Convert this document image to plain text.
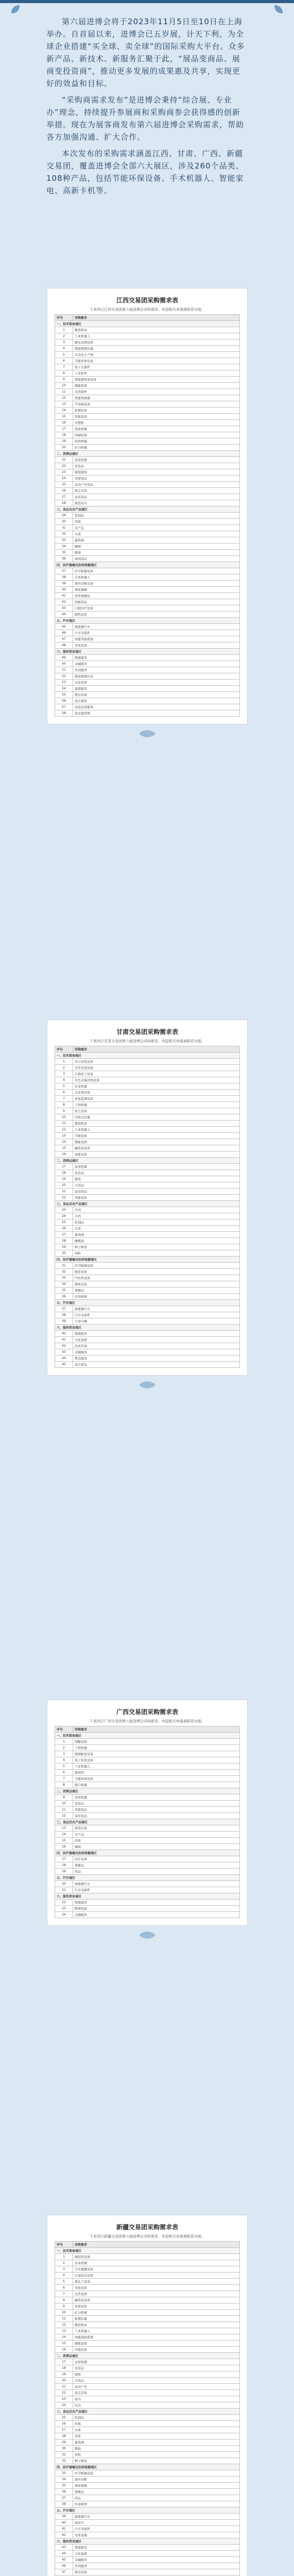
第六届进博会将于2023年11月5日至10日在上海举办。自首届以来，进博会已五岁展，计天下利，为全球企业搭建“买全球、卖全球”的国际采购大平台。众多新产品、新技术、新服务汇聚于此，“展品变商品、展商变投资商”，推动更多发展的成果惠及共享，实现更好的效益和目标。

“采购商需求发布”是进博会秉持“综合展、专业办”理念，持续提升参展商和采购商参会获得感的创新举措。现在为展客商发布第六届进博会采购需求，帮助各方加强沟通、扩大合作。

本次发布的采购需求涵盖江西、甘肃、广西、新疆交易团，覆盖进博会全部六大展区，涉及260个品类、108种产品，包括节能环保设备、手术机器人、智能家电、高新卡机等。

江西交易团采购需求表

下表列示江西交易团第六届进博会采购需求，欢迎相关参展商联系对接。

序号	采购需求
一、技术装备展区	
1	数控机床
2	工业机器人
3	激光切割设备
4	精密测量仪器
5	自动化生产线
6	节能环保设备
7	电子元器件
8	工业软件
9	新能源电池设备
10	储能系统
11	光伏组件
12	智能传感器
13	半导体设备
14	检测设备
15	焊接设备
16	注塑机
17	包装机械
18	印刷设备
19	纺织机械
20	矿山机械
二、消费品展区	
21	家用电器
22	化妆品
23	服装服饰
24	母婴用品
25	运动户外用品
26	珠宝首饰
27	家居用品
28	箱包皮具
三、食品及农产品展区	
29	乳制品
30	肉类
31	水产品
32	水果
33	葡萄酒
34	咖啡
35	粮油
36	休闲食品
四、医疗器械及医药保健展区	
37	医学影像设备
38	手术机器人
39	体外诊断设备
40	康复器械
41	营养保健品
42	创新药品
43	口腔医疗设备
44	眼科设备
五、汽车展区	
45	新能源汽车
46	汽车零部件
47	智能驾驶系统
48	充电设备
六、服务贸易展区	
49	物流服务
50	金融服务
51	咨询服务
52	检验检测认证
53	文化创意
54	旅游服务
55	教育培训
56	设计服务
57	信息技术服务
58	供应链管理
甘肃交易团采购需求表

下表列示甘肃交易团第六届进博会采购需求，欢迎相关参展商联系对接。

序号	采购需求
一、技术装备展区	
1	风力发电设备
2	光伏发电设备
3	石油化工设备
4	有色金属冶炼设备
5	农业机械
6	水处理设备
7	环保监测设备
8	工程机械
9	电力设备
10	实验室仪器
11	数控机床
12	工业机器人
13	节能设备
14	储能设备
15	输变电设备
16	氢能设备
二、消费品展区	
17	家用电器
18	化妆品
19	服装
20	日用品
21	运动用品
22	智能家居
三、食品及农产品展区	
23	牛肉
24	羊肉
25	乳制品
26	水果
27	葡萄酒
28	橄榄油
29	种子种苗
30	饲料
四、医疗器械及医药保健展区	
31	医学影像设备
32	检验设备
33	中医药设备
34	康复设备
35	保健品
36	医用耗材
五、汽车展区	
37	新能源汽车
38	汽车零部件
39	专用车辆
六、服务贸易展区	
40	物流服务
41	文化旅游
42	技术咨询
43	金融服务
44	教育服务
45	设计研发
广西交易团采购需求表

下表列示广西交易团第六届进博会采购需求，欢迎相关参展商联系对接。

序号	采购需求
一、技术装备展区	
1	制糖设备
2	工程机械
3	船舶配套设备
4	电子信息设备
5	工业机器人
6	新材料
7	节能环保设备
8	港口机械
二、消费品展区	
9	家用电器
10	化妆品
11	母婴用品
12	家居用品
三、食品及农产品展区	
13	热带水果
14	水产品
15	肉类
16	咖啡
四、医疗器械及医药保健展区	
17	医疗设备
18	保健品
19	药品
五、汽车展区	
20	新能源汽车
21	汽车零部件
六、服务贸易展区	
22	物流服务
23	跨境电商
24	金融服务
新疆交易团采购需求表

下表列示新疆交易团第六届进博会采购需求，欢迎相关参展商联系对接。

序号	采购需求
一、技术装备展区	
1	棉纺织设备
2	农业机械
3	节水灌溉设备
4	石油钻采设备
5	煤化工设备
6	风电设备
7	光伏设备
8	输变电设备
9	环保设备
10	矿山机械
11	检测仪器
12	数控机床
13	工业机器人
14	智能制造系统
15	储能设备
16	冷链设备
二、消费品展区	
17	家用电器
18	化妆品
19	服装
20	日用品
21	运动户外
22	珠宝首饰
23	家具
24	玩具
三、食品及农产品展区	
25	乳制品
26	肉类
27	水果
28	坚果
29	葡萄酒
30	粮油
31	饮料
32	种子种苗
四、医疗器械及医药保健展区	
33	医学影像设备
34	体外诊断
35	康复器械
36	保健品
37	药品
38	医用耗材
五、汽车展区	
39	新能源汽车
40	商用车
41	汽车零部件
42	充电设施
六、服务贸易展区	
43	物流服务
44	文化旅游
45	金融服务
46	咨询服务
47	教育培训
